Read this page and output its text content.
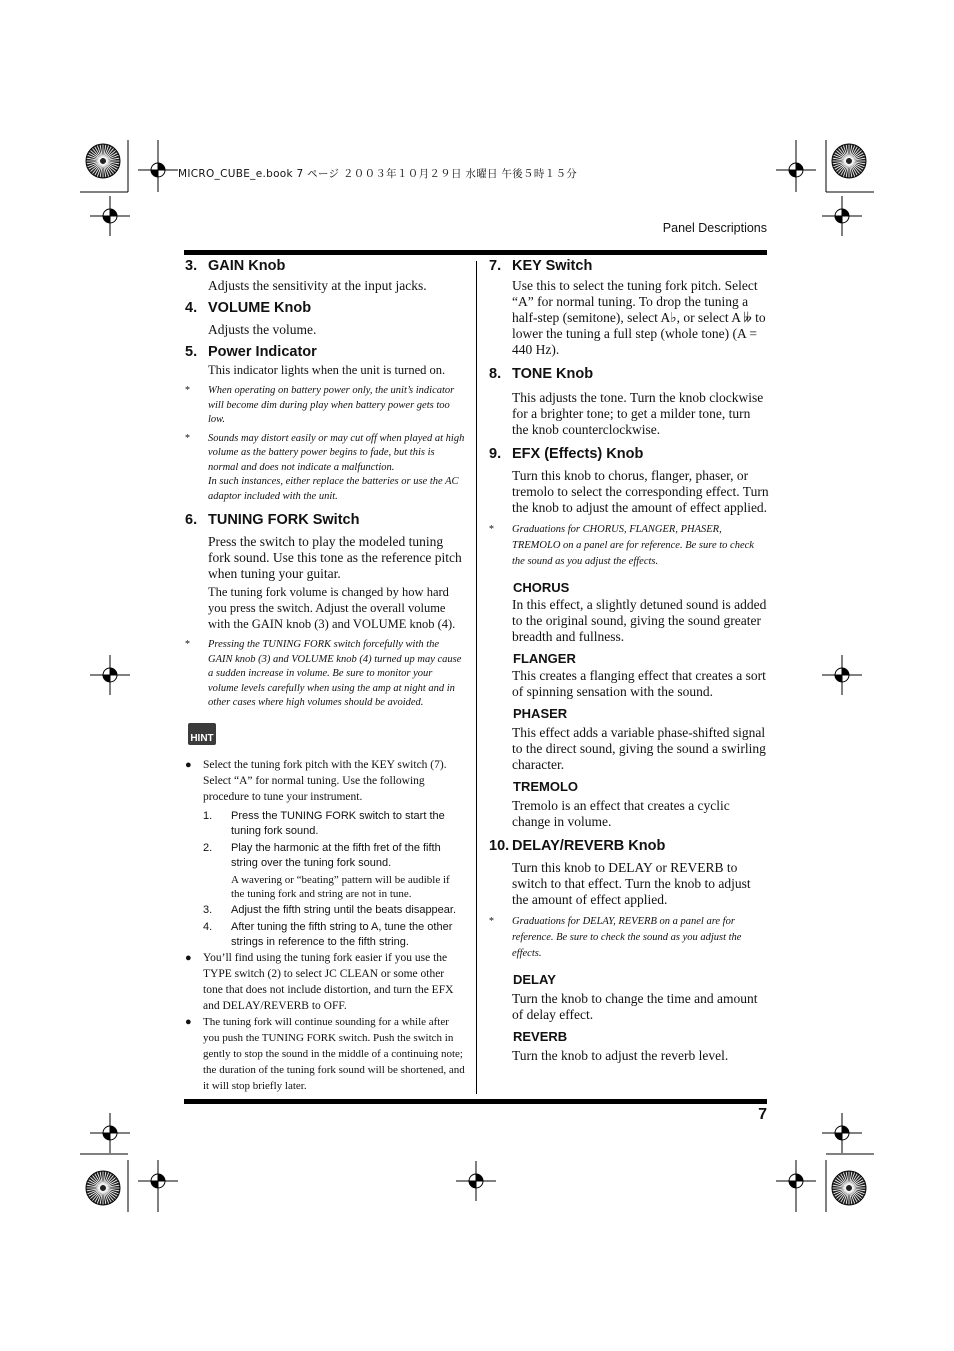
MICRO_CUBE_e.book 7 ページ ２００３年１０月２９日 水曜日 午後５時１５分
Panel Descriptions
7
3. GAIN Knob
Adjusts the sensitivity at the input jacks.
4. VOLUME Knob
Adjusts the volume.
5. Power Indicator
This indicator lights when the unit is turned on.
*	When operating on battery power only, the unit’s indicator will become dim during play when battery power gets too low.
*	Sounds may distort easily or may cut off when played at high volume as the battery power begins to fade, but this is normal and does not indicate a malfunction.
In such instances, either replace the batteries or use the AC adaptor included with the unit.
6. TUNING FORK Switch
Press the switch to play the modeled tuning fork sound. Use this tone as the reference pitch when tuning your guitar.
The tuning fork volume is changed by how hard you press the switch. Adjust the overall volume with the GAIN knob (3) and VOLUME knob (4).
*	Pressing the TUNING FORK switch forcefully with the GAIN knob (3) and VOLUME knob (4) turned up may cause a sudden increase in volume. Be sure to monitor your volume levels carefully when using the amp at night and in other cases where high volumes should be avoided.
HINT
● Select the tuning fork pitch with the KEY switch (7). Select “A” for normal tuning. Use the following procedure to tune your instrument.
1.	Press the TUNING FORK switch to start the tuning fork sound.
2.	Play the harmonic at the fifth fret of the fifth string over the tuning fork sound.
A wavering or “beating” pattern will be audible if the tuning fork and string are not in tune.
3.	Adjust the fifth string until the beats disappear.
4.	After tuning the fifth string to A, tune the other strings in reference to the fifth string.
● You’ll find using the tuning fork easier if you use the TYPE switch (2) to select JC CLEAN or some other tone that does not include distortion, and turn the EFX and DELAY/REVERB to OFF.
●	The tuning fork will continue sounding for a while after you push the TUNING FORK switch. Push the switch in gently to stop the sound in the middle of a continuing note; the duration of the tuning fork sound will be shortened, and it will stop briefly later.
7. KEY Switch
Use this to select the tuning fork pitch. Select “A” for normal tuning. To drop the tuning a half-step (semitone), select A♭, or select A 𝄫 to lower the tuning a full step (whole tone) (A = 440 Hz).
8. TONE Knob
This adjusts the tone. Turn the knob clockwise for a brighter tone; to get a milder tone, turn the knob counterclockwise.
9. EFX (Effects) Knob
Turn this knob to chorus, flanger, phaser, or tremolo to select the corresponding effect. Turn the knob to adjust the amount of effect applied.
*	Graduations for CHORUS, FLANGER, PHASER, TREMOLO on a panel are for reference. Be sure to check the sound as you adjust the effects.
CHORUS
In this effect, a slightly detuned sound is added to the original sound, giving the sound greater breadth and fullness.
FLANGER
This creates a flanging effect that creates a sort of spinning sensation with the sound.
PHASER
This effect adds a variable phase-shifted signal to the direct sound, giving the sound a swirling character.
TREMOLO
Tremolo is an effect that creates a cyclic change in volume.
10. DELAY/REVERB Knob
Turn this knob to DELAY or REVERB to switch to that effect. Turn the knob to adjust the amount of effect applied.
*	Graduations for DELAY, REVERB on a panel are for reference. Be sure to check the sound as you adjust the effects.
DELAY
Turn the knob to change the time and amount of delay effect.
REVERB
Turn the knob to adjust the reverb level.
